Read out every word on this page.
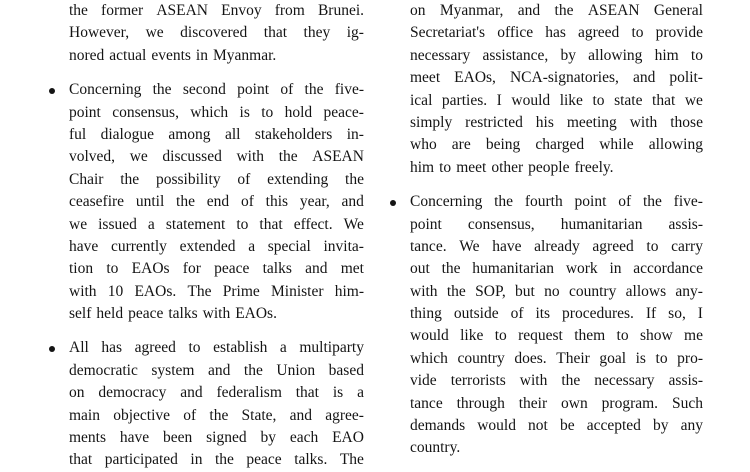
the former ASEAN Envoy from Brunei.
However, we discovered that they ig-
nored actual events in Myanmar.
Concerning the second point of the five-
point consensus, which is to hold peace-
ful dialogue among all stakeholders in-
volved, we discussed with the ASEAN
Chair the possibility of extending the
ceasefire until the end of this year, and
we issued a statement to that effect. We
have currently extended a special invita-
tion to EAOs for peace talks and met
with 10 EAOs. The Prime Minister him-
self held peace talks with EAOs.
All has agreed to establish a multiparty
democratic system and the Union based
on democracy and federalism that is a
main objective of the State, and agree-
ments have been signed by each EAO
that participated in the peace talks. The
on Myanmar, and the ASEAN General
Secretariat's office has agreed to provide
necessary assistance, by allowing him to
meet EAOs, NCA-signatories, and polit-
ical parties. I would like to state that we
simply restricted his meeting with those
who are being charged while allowing
him to meet other people freely.
Concerning the fourth point of the five-
point consensus, humanitarian assis-
tance. We have already agreed to carry
out the humanitarian work in accordance
with the SOP, but no country allows any-
thing outside of its procedures. If so, I
would like to request them to show me
which country does. Their goal is to pro-
vide terrorists with the necessary assis-
tance through their own program. Such
demands would not be accepted by any
country.
